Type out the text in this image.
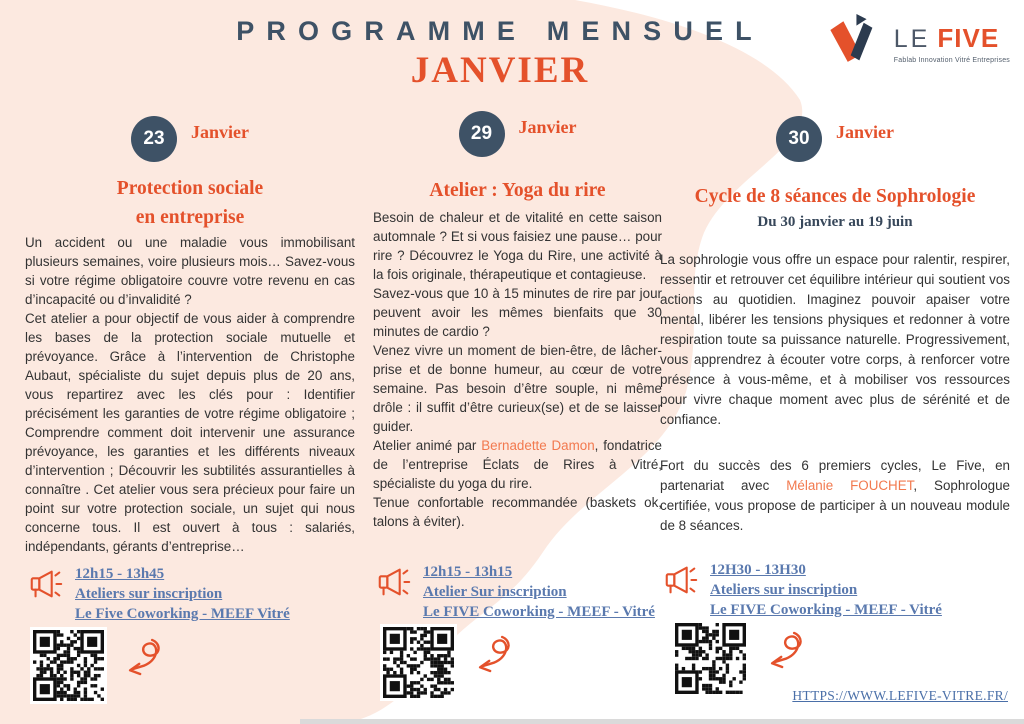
PROGRAMME MENSUEL
JANVIER
LE FIVE
Fablab Innovation Vitré Entreprises
23	Janvier
Protection sociale
en entreprise

Un accident ou une maladie vous immobilisant plusieurs semaines, voire plusieurs mois… Savez-vous si votre régime obligatoire couvre votre revenu en cas d’incapacité ou d’invalidité ?

Cet atelier a pour objectif de vous aider à comprendre les bases de la protection sociale mutuelle et prévoyance. Grâce à l’intervention de Christophe Aubaut, spécialiste du sujet depuis plus de 20 ans, vous repartirez avec les clés pour : Identifier précisément les garanties de votre régime obligatoire ; Comprendre comment doit intervenir une assurance prévoyance, les garanties et les différents niveaux d’intervention ; Découvrir les subtilités assurantielles à connaître . Cet atelier vous sera précieux pour faire un point sur votre protection sociale, un sujet qui nous concerne tous. Il est ouvert à tous : salariés, indépendants, gérants d’entreprise…

12h15 - 13h45
Ateliers sur inscription
Le Five Coworking - MEEF Vitré
29	Janvier
Atelier : Yoga du rire

Besoin de chaleur et de vitalité en cette saison automnale ? Et si vous faisiez une pause… pour rire ? Découvrez le Yoga du Rire, une activité à la fois originale, thérapeutique et contagieuse.

Savez-vous que 10 à 15 minutes de rire par jour peuvent avoir les mêmes bienfaits que 30 minutes de cardio ?

Venez vivre un moment de bien-être, de lâcher-prise et de bonne humeur, au cœur de votre semaine. Pas besoin d’être souple, ni même drôle : il suffit d’être curieux(se) et de se laisser guider.

Atelier animé par Bernadette Damon, fondatrice de l’entreprise Éclats de Rires à Vitré, spécialiste du yoga du rire.

Tenue confortable recommandée (baskets ok, talons à éviter).

12h15 - 13h15
Atelier Sur inscription
Le FIVE Coworking - MEEF - Vitré
30	Janvier
Cycle de 8 séances de Sophrologie
Du 30 janvier au 19 juin

La sophrologie vous offre un espace pour ralentir, respirer, ressentir et retrouver cet équilibre intérieur qui soutient vos actions au quotidien. Imaginez pouvoir apaiser votre mental, libérer les tensions physiques et redonner à votre respiration toute sa puissance naturelle. Progressivement, vous apprendrez à écouter votre corps, à renforcer votre présence à vous-même, et à mobiliser vos ressources pour vivre chaque moment avec plus de sérénité et de confiance.

Fort du succès des 6 premiers cycles, Le Five, en partenariat avec Mélanie FOUCHET, Sophrologue certifiée, vous propose de participer à un nouveau module de 8 séances.

12H30 - 13H30
Ateliers sur inscription
Le FIVE Coworking - MEEF - Vitré
HTTPS://WWW.LEFIVE-VITRE.FR/
